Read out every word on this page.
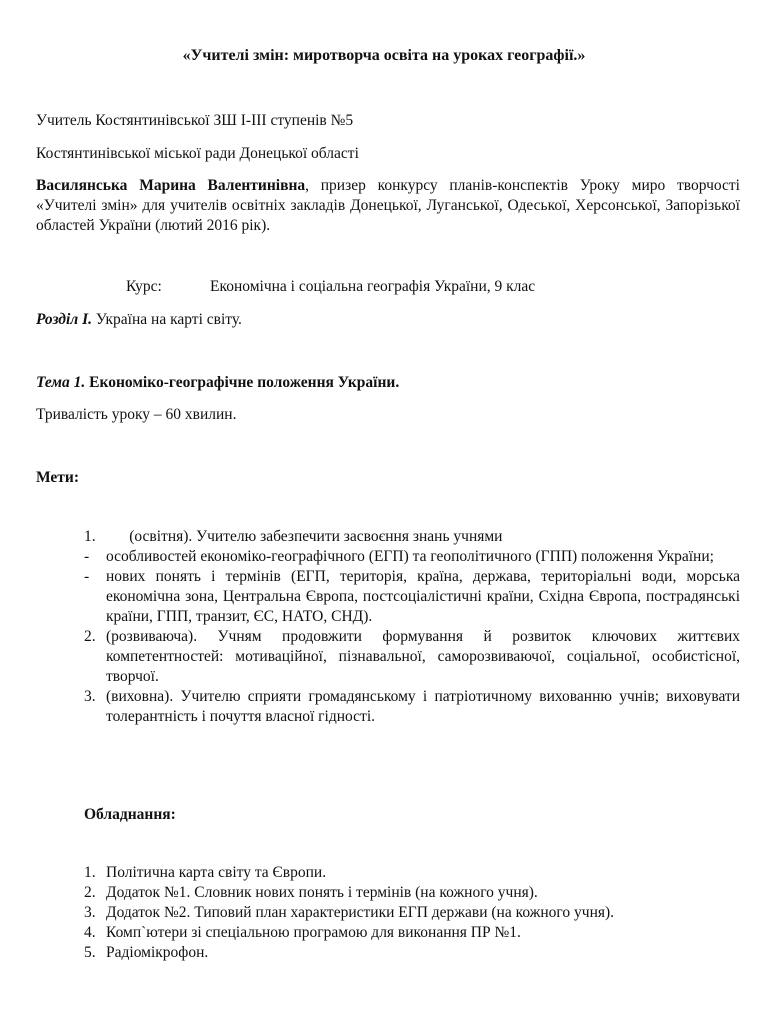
«Учителі змін: миротворча освіта на уроках географії.»
Учитель Костянтинівської ЗШ І-ІІІ ступенів №5
Костянтинівської міської ради Донецької області
Василянська Марина Валентинівна, призер конкурсу планів-конспектів Уроку миро творчості «Учителі змін» для учителів освітніх закладів Донецької, Луганської, Одеської, Херсонської, Запорізької областей України (лютий 2016 рік).
Курс:	Економічна і соціальна географія України, 9 клас
Розділ І. Україна на карті світу.
Тема 1. Економіко-географічне положення України.
Тривалість уроку – 60 хвилин.
Мети:
1. (освітня). Учителю забезпечити засвоєння знань учнями
-	особливостей економіко-географічного (ЕГП) та геополітичного (ГПП) положення України;
-	нових понять і термінів (ЕГП, територія, країна, держава, територіальні води, морська економічна зона, Центральна Європа, постсоціалістичні країни, Східна Європа, пострадянські країни, ГПП, транзит, ЄС, НАТО, СНД).
2. (розвиваюча). Учням продовжити формування й розвиток ключових життєвих компетентностей: мотиваційної, пізнавальної, саморозвиваючої, соціальної, особистісної, творчої.
3. (виховна). Учителю сприяти громадянському і патріотичному вихованню учнів; виховувати толерантність і почуття власної гідності.
Обладнання:
1. Політична карта світу та Європи.
2. Додаток №1. Словник нових понять і термінів (на кожного учня).
3. Додаток №2. Типовий план характеристики ЕГП держави (на кожного учня).
4. Комп`ютери зі спеціальною програмою для виконання ПР №1.
5. Радіомікрофон.
